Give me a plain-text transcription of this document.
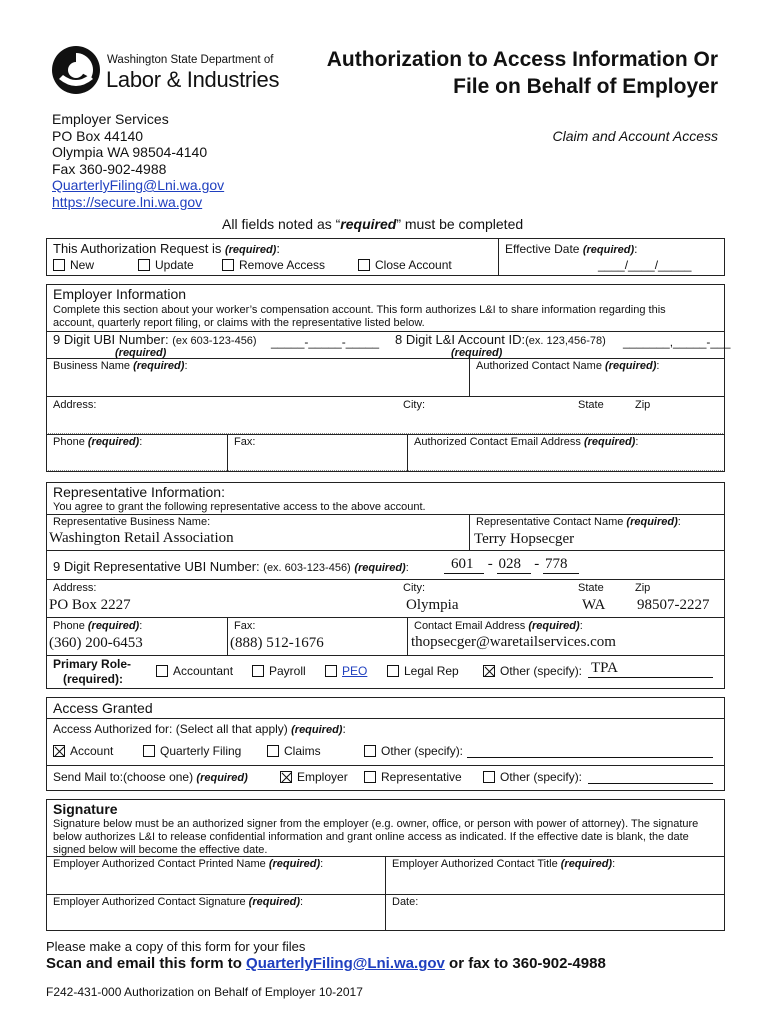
Washington State Department of
Labor & Industries
Authorization to Access Information Or
File on Behalf of Employer
Employer Services
PO Box 44140
Olympia WA 98504-4140
Fax 360-902-4988
QuarterlyFiling@Lni.wa.gov
https://secure.lni.wa.gov
Claim and Account Access
All fields noted as “required” must be completed
This Authorization Request is (required):
New	Update	Remove Access	Close Account
Effective Date (required):
____/____/_____
Employer Information
Complete this section about your worker’s compensation account. This form authorizes L&I to share information regarding this account, quarterly report filing, or claims with the representative listed below.
9 Digit UBI Number: (ex 603-123-456) _____-_____-_____
(required)
8 Digit L&I Account ID:(ex. 123,456-78) _______,_____-___
(required)
Business Name (required):	Authorized Contact Name (required):
Address:	City:	State	Zip
Phone (required):	Fax:	Authorized Contact Email Address (required):
Representative Information:
You agree to grant the following representative access to the above account.
Representative Business Name:
Washington Retail Association
Representative Contact Name (required):
Terry Hopsecger
9 Digit Representative UBI Number: (ex. 603-123-456) (required):	601 - 028 - 778
Address:
PO Box 2227
City:
Olympia
State
WA
Zip
98507-2227
Phone (required):
(360) 200-6453
Fax:
(888) 512-1676
Contact Email Address (required):
thopsecger@waretailservices.com
Primary Role-
(required):
Accountant	Payroll	PEO	Legal Rep	Other (specify): TPA
Access Granted
Access Authorized for: (Select all that apply) (required):
Account	Quarterly Filing	Claims	Other (specify):
Send Mail to:(choose one) (required)	Employer	Representative	Other (specify):
Signature
Signature below must be an authorized signer from the employer (e.g. owner, office, or person with power of attorney). The signature below authorizes L&I to release confidential information and grant online access as indicated. If the effective date is blank, the date signed below will become the effective date.
Employer Authorized Contact Printed Name (required):	Employer Authorized Contact Title (required):
Employer Authorized Contact Signature (required):	Date:
Please make a copy of this form for your files
Scan and email this form to QuarterlyFiling@Lni.wa.gov or fax to 360-902-4988
F242-431-000 Authorization on Behalf of Employer 10-2017
